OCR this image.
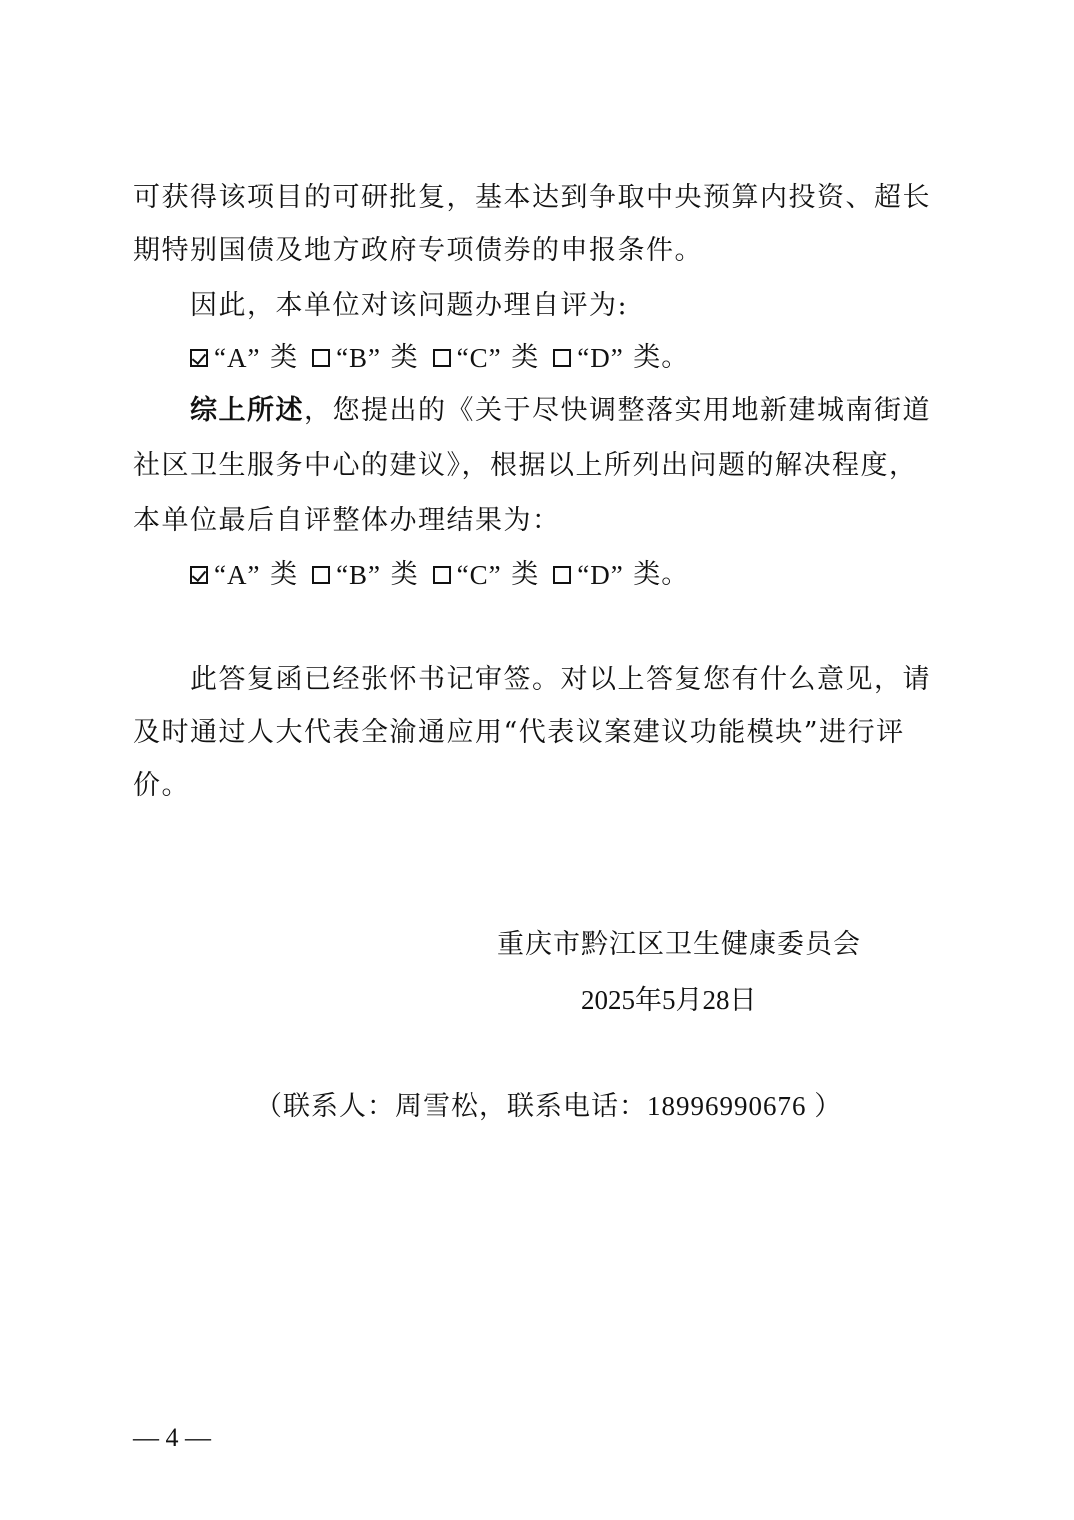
可获得该项目的可研批复，基本达到争取中央预算内投资、超长
期特别国债及地方政府专项债券的申报条件。
因此，本单位对该问题办理自评为:
“A”
类 “B”
类 “C”
类 “D”
类。
综上所述，您提出的《关于尽快调整落实用地新建城南街道
社区卫生服务中心的建议》，根据以上所列出问题的解决程度，
本单位最后自评整体办理结果为：
“A”
类 “B”
类 “C”
类 “D”
类。
此答复函已经张怀书记审签。对以上答复您有什么意见，请
及时通过人大代表全渝通应用“代表议案建议功能模块”进行评
价。
重庆市黔江区卫生健康委员会
2025年5月28日
（联系人：周雪松，联系电话：18996990676 ）
— 4 —
